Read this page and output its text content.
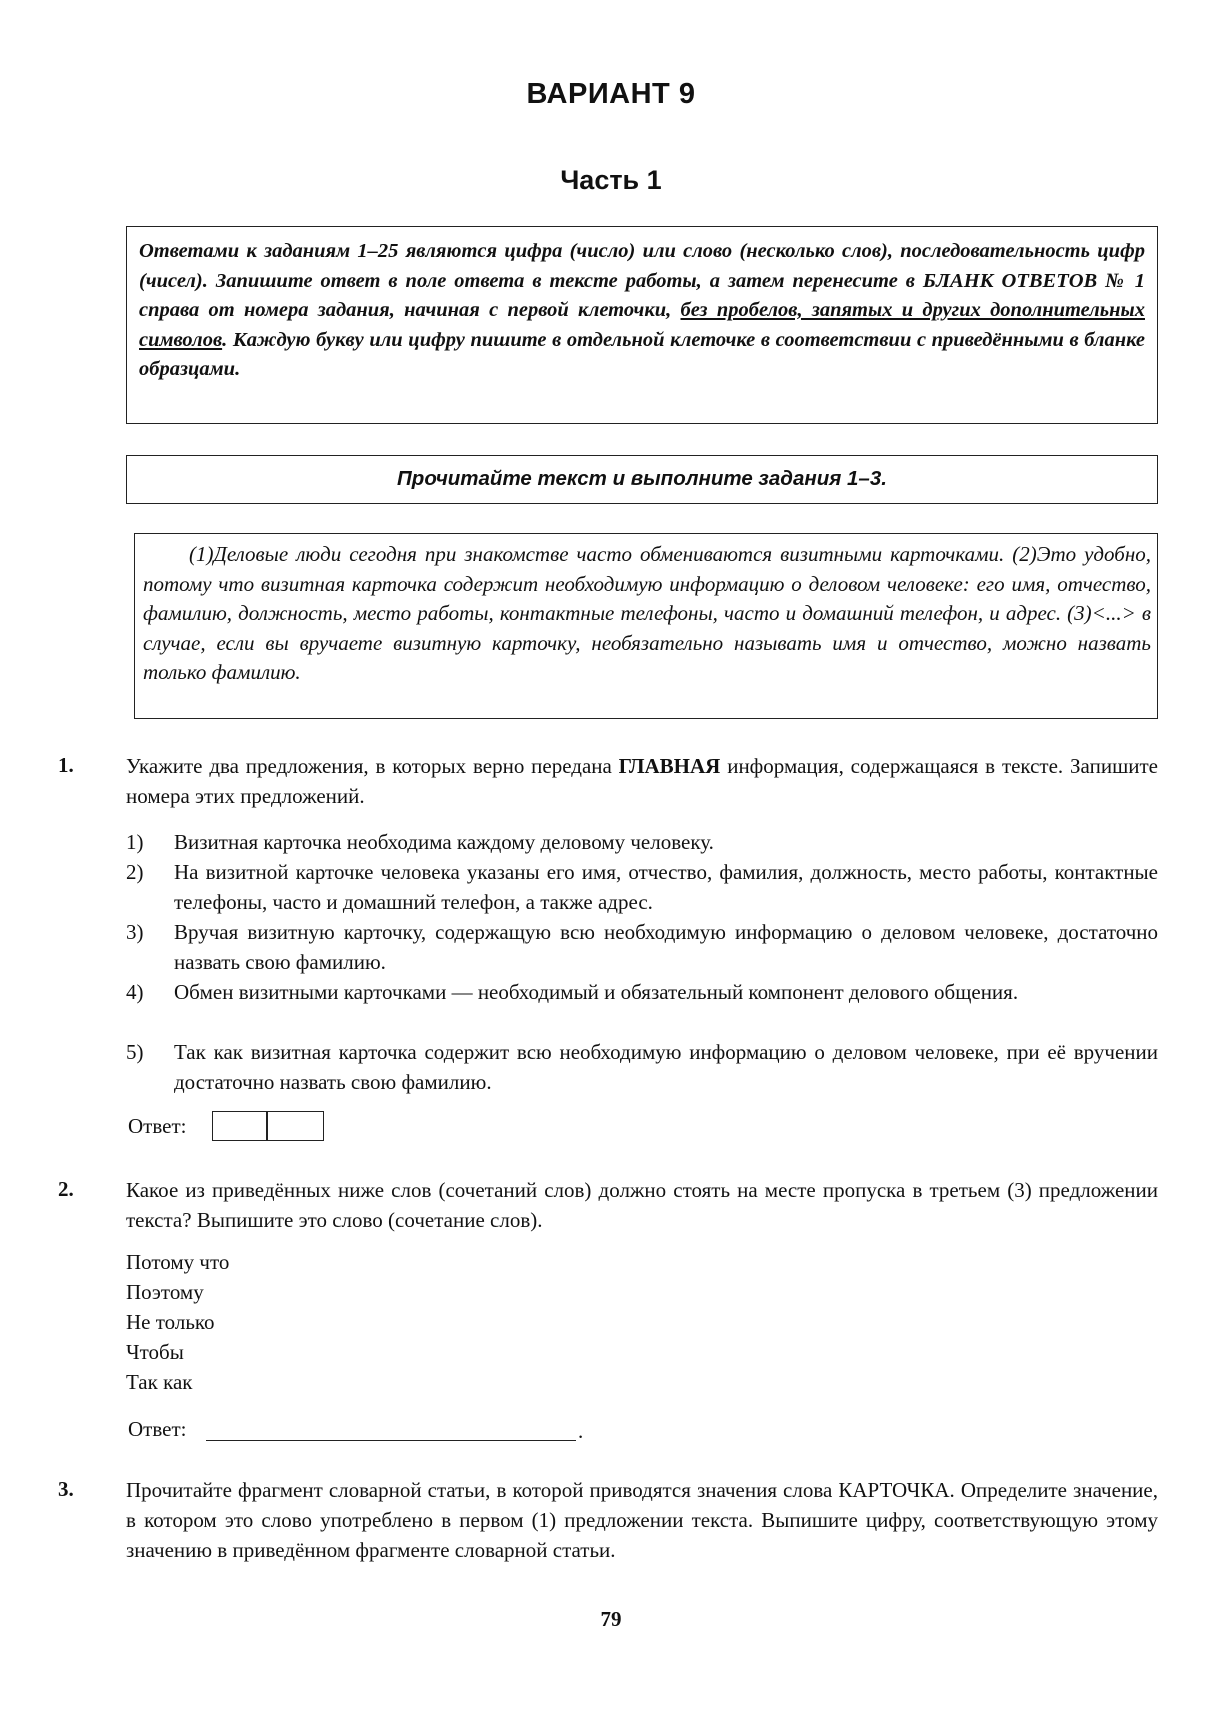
ВАРИАНТ 9
Часть 1
Ответами к заданиям 1–25 являются цифра (число) или слово (несколько слов), последовательность цифр (чисел). Запишите ответ в поле ответа в тексте работы, а затем перенесите в БЛАНК ОТВЕТОВ № 1 справа от номера задания, начиная с первой клеточки, без пробелов, запятых и других дополнительных символов. Каждую букву или цифру пишите в отдельной клеточке в соответствии с приведёнными в бланке образцами.
Прочитайте текст и выполните задания 1–3.

(1)Деловые люди сегодня при знакомстве часто обмениваются визитными карточками. (2)Это удобно, потому что визитная карточка содержит необходимую информацию о деловом человеке: его имя, отчество, фамилию, должность, место работы, контактные телефоны, часто и домашний телефон, и адрес. (3)<...> в случае, если вы вручаете визитную карточку, необязательно называть имя и отчество, можно назвать только фамилию.

1. Укажите два предложения, в которых верно передана ГЛАВНАЯ информация, содержащаяся в тексте. Запишите номера этих предложений.
1) Визитная карточка необходима каждому деловому человеку.
2) На визитной карточке человека указаны его имя, отчество, фамилия, должность, место работы, контактные телефоны, часто и домашний телефон, а также адрес.
3) Вручая визитную карточку, содержащую всю необходимую информацию о деловом человеке, достаточно назвать свою фамилию.
4) Обмен визитными карточками — необходимый и обязательный компонент делового общения.
5) Так как визитная карточка содержит всю необходимую информацию о деловом человеке, при её вручении достаточно назвать свою фамилию.
Ответ:
2. Какое из приведённых ниже слов (сочетаний слов) должно стоять на месте пропуска в третьем (3) предложении текста? Выпишите это слово (сочетание слов).
Потому что
Поэтому
Не только
Чтобы
Так как
Ответ:	.
3. Прочитайте фрагмент словарной статьи, в которой приводятся значения слова КАРТОЧКА. Определите значение, в котором это слово употреблено в первом (1) предложении текста. Выпишите цифру, соответствующую этому значению в приведённом фрагменте словарной статьи.
79
